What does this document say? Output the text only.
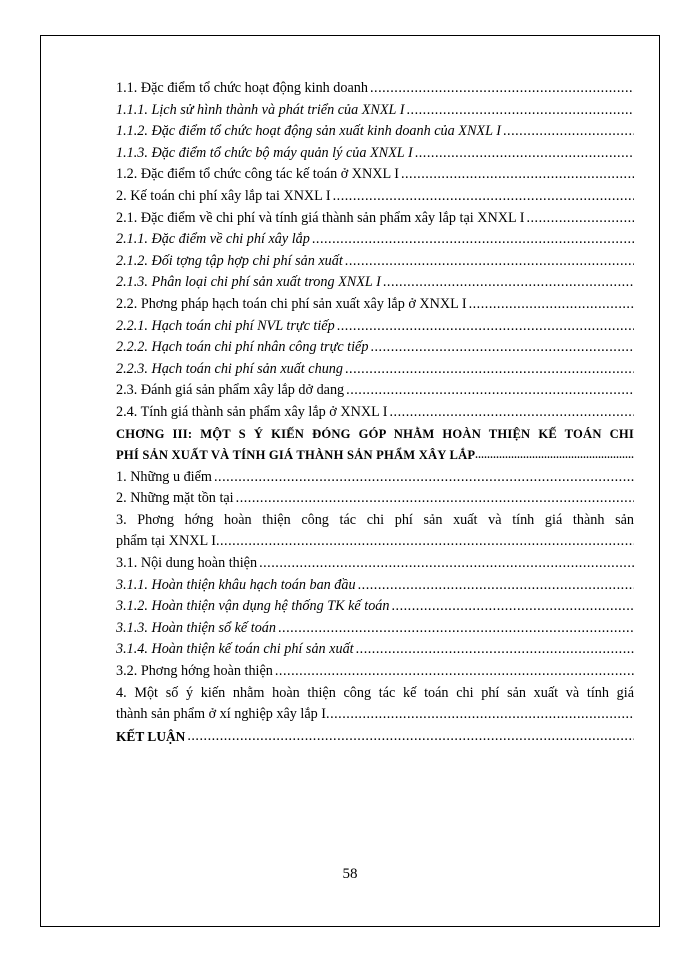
1.1. Đặc điểm tổ chức hoạt động kinh doanh
.....
1.1.1. Lịch sử hình thành và phát triển của XNXL I
.....
1.1.2. Đặc điểm tổ chức hoạt động sản xuất kinh doanh của XNXL I
.....
1.1.3. Đặc điểm tổ chức bộ máy quản lý của XNXL I
.....
1.2. Đặc điểm tổ chức công tác kế toán ở XNXL I
.....
2. Kế toán chi phí xây lắp tai XNXL I
.....
2.1. Đặc điểm về chi phí và tính giá thành sản phẩm xây lắp tại XNXL I
.....
2.1.1. Đặc điểm về chi phí xây lắp
.....
2.1.2. Đối tợng tập hợp chi phí sản xuất
.....
2.1.3. Phân loại chi phí sản xuất trong XNXL I
.....
2.2. Phơng pháp hạch toán chi phí sản xuất xây lắp ở XNXL I
.....
2.2.1. Hạch toán chi phí NVL trực tiếp
.....
2.2.2. Hạch toán chi phí nhân công trực tiếp
.....
2.2.3. Hạch toán chi phí sản xuất chung
.....
2.3. Đánh giá sản phẩm xây lắp dở dang
.....
2.4. Tính giá thành sản phẩm xây lắp ở XNXL I
.....
CHƠNG III: MỘT S Ý KIẾN ĐÓNG GÓP NHẰM HOÀN THIỆN KẾ TOÁN CHI
PHÍ SẢN XUẤT VÀ TÍNH GIÁ THÀNH SẢN PHẨM XÂY LẮP
.....
1. Những u điểm
.....
2. Những mặt tồn tại
.....
3. Phơng hớng hoàn thiện công tác chi phí sản xuất và tính giá thành sản
phẩm tại XNXL I
.....
3.1. Nội dung hoàn thiện
.....
3.1.1. Hoàn thiện khâu hạch toán ban đầu
.....
3.1.2. Hoàn thiện vận dụng hệ thống TK kế toán
.....
3.1.3. Hoàn thiện sổ kế toán
.....
3.1.4. Hoàn thiện kế toán chi phí sản xuất
.....
3.2. Phơng hớng hoàn thiện
.....
4. Một số ý kiến nhằm hoàn thiện công tác kế toán chi phí sản xuất và tính giá
thành sản phẩm ở xí nghiệp xây lắp I
.....
KẾT LUẬN
.....
58
